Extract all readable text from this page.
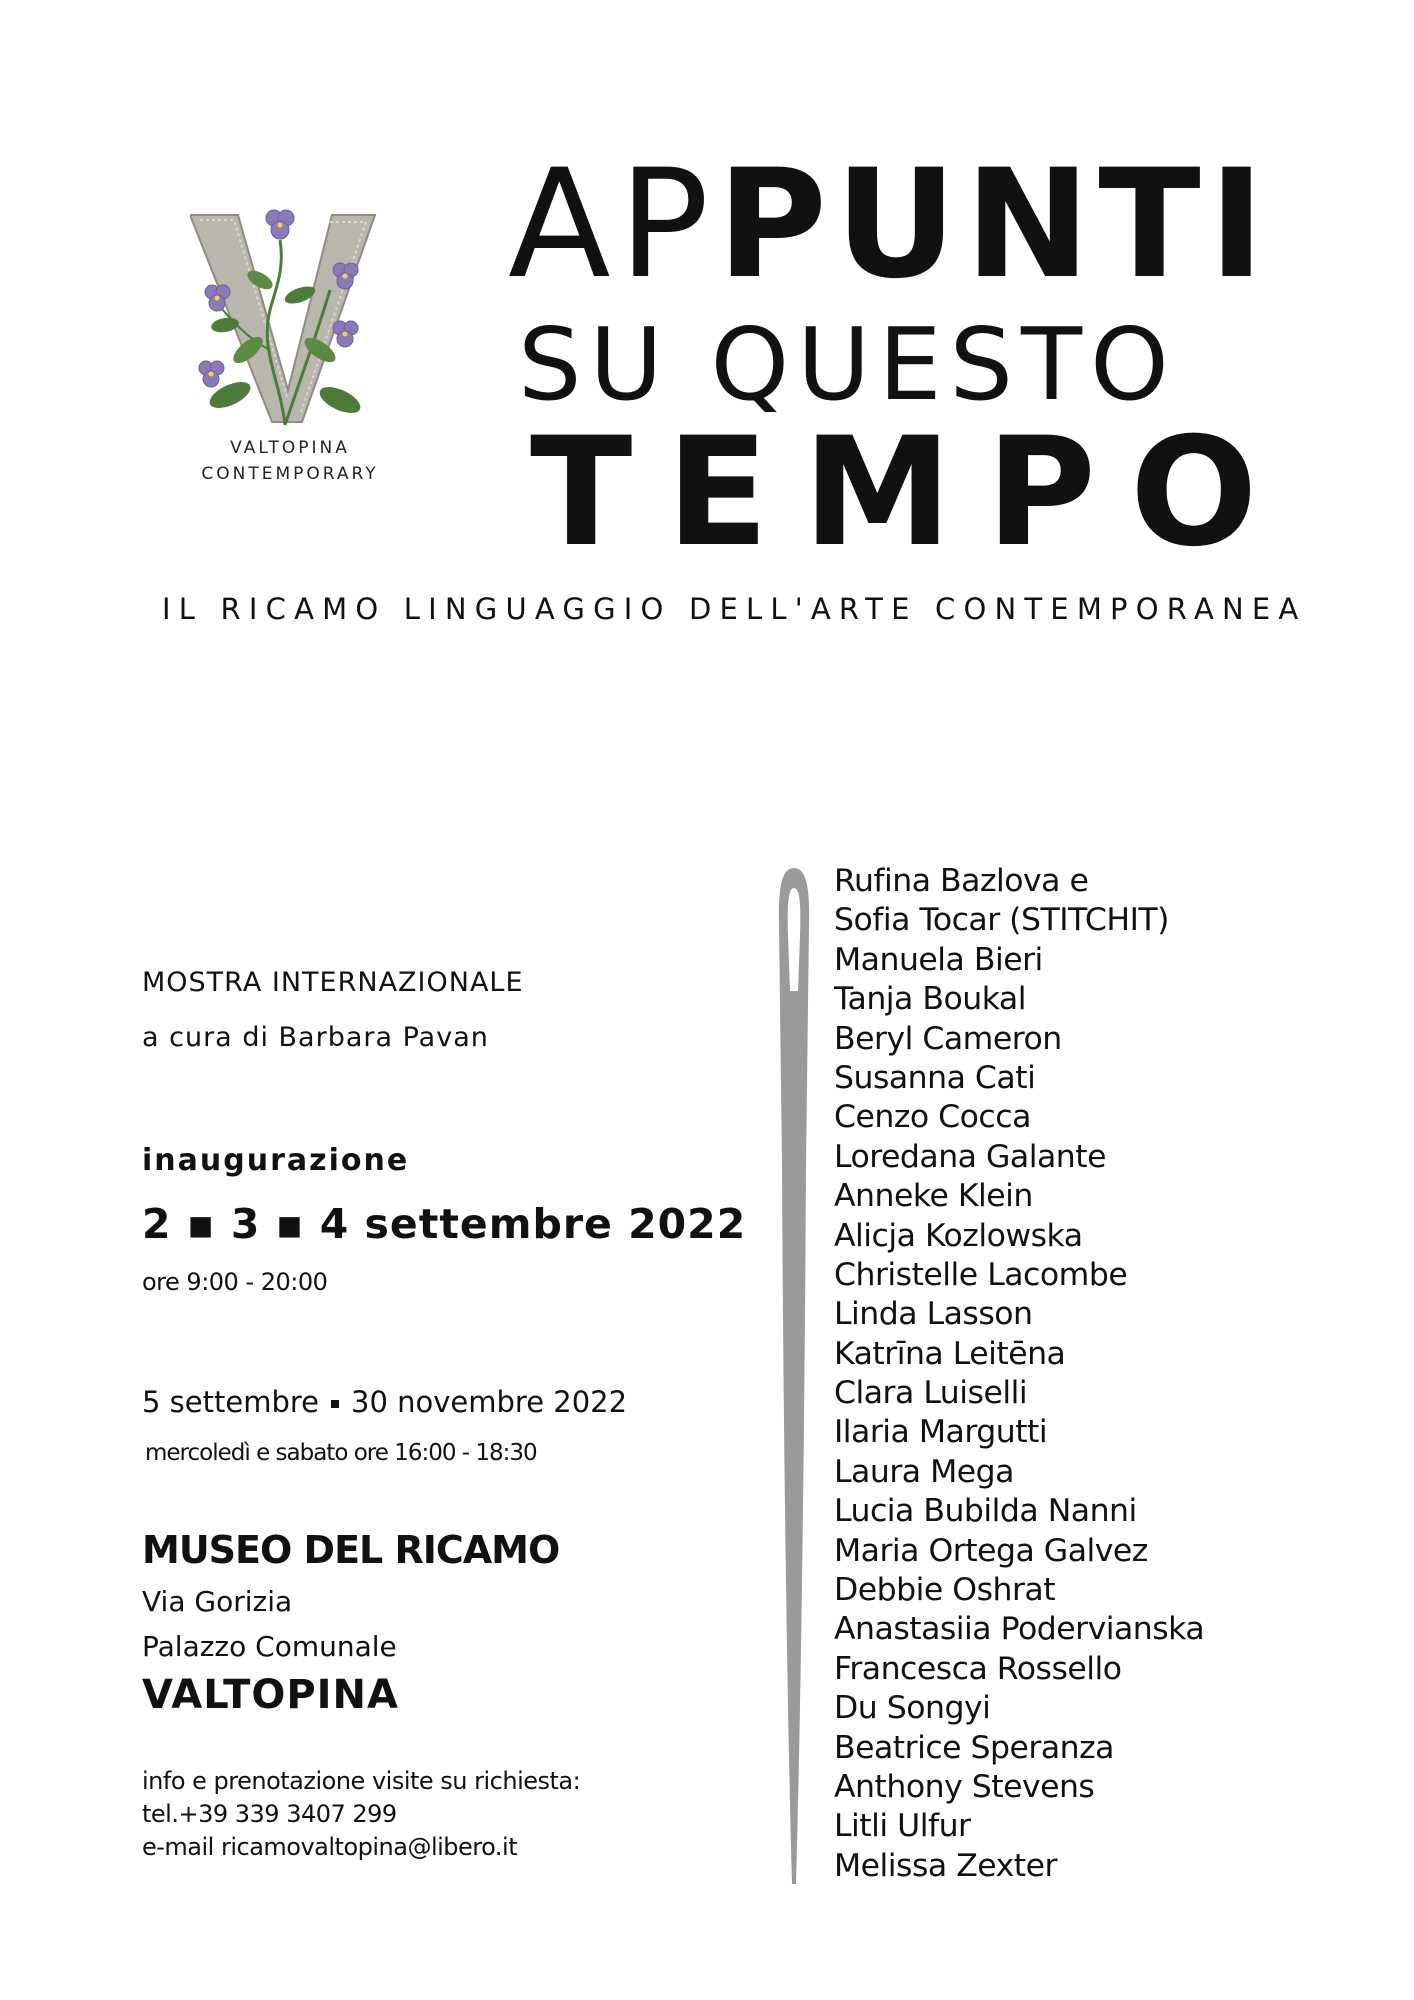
VALTOPINA
CONTEMPORARY
APPUNTI
SU QUESTO
TEMPO
IL RICAMO LINGUAGGIO DELL'ARTE CONTEMPORANEA
MOSTRA INTERNAZIONALE
a cura di Barbara Pavan
inaugurazione
2 ▪ 3 ▪ 4 settembre 2022
ore 9:00 - 20:00
5 settembre 30 novembre 2022
mercoledì e sabato ore 16:00 - 18:30
MUSEO DEL RICAMO
Via Gorizia
Palazzo Comunale
VALTOPINA
info e prenotazione visite su richiesta:
tel.+39 339 3407 299
e-mail ricamovaltopina@libero.it
Rufina Bazlova e
Sofia Tocar (STITCHIT)
Manuela Bieri
Tanja Boukal
Beryl Cameron
Susanna Cati
Cenzo Cocca
Loredana Galante
Anneke Klein
Alicja Kozlowska
Christelle Lacombe
Linda Lasson
Katrīna Leitēna
Clara Luiselli
Ilaria Margutti
Laura Mega
Lucia Bubilda Nanni
Maria Ortega Galvez
Debbie Oshrat
Anastasiia Podervianska
Francesca Rossello
Du Songyi
Beatrice Speranza
Anthony Stevens
Litli Ulfur
Melissa Zexter
